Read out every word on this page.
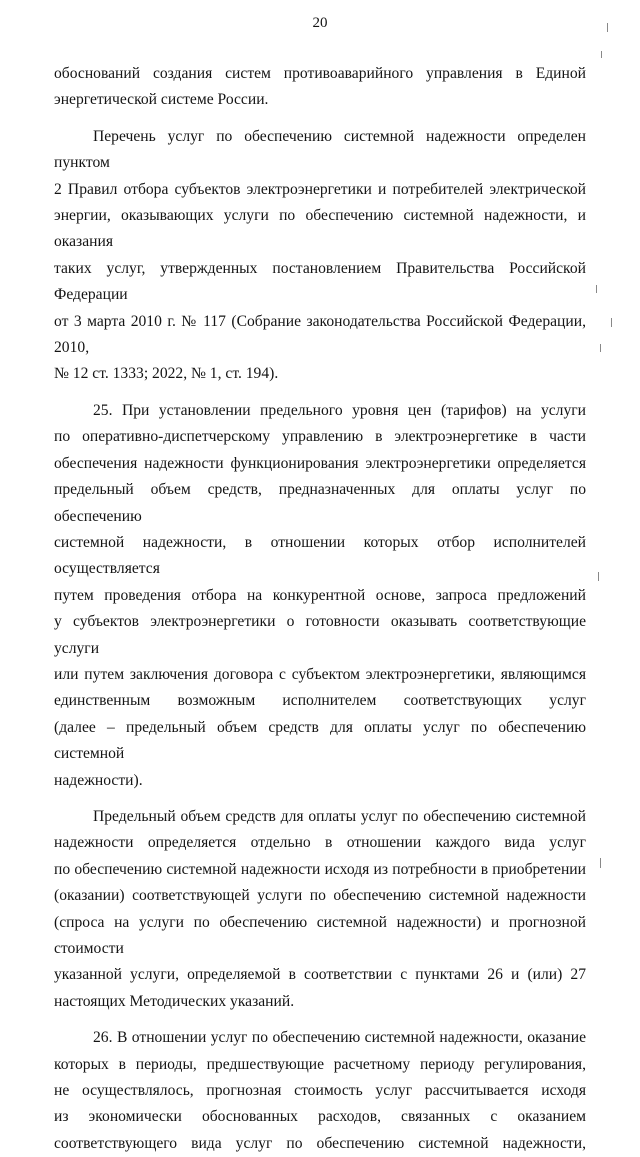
20

обоснований создания систем противоаварийного управления в Единой
энергетической системе России.

Перечень услуг по обеспечению системной надежности определен пунктом
2 Правил отбора субъектов электроэнергетики и потребителей электрической
энергии, оказывающих услуги по обеспечению системной надежности, и оказания
таких услуг, утвержденных постановлением Правительства Российской Федерации
от 3 марта 2010 г. № 117 (Собрание законодательства Российской Федерации, 2010,
№ 12 ст. 1333; 2022, № 1, ст. 194).

25. При установлении предельного уровня цен (тарифов) на услуги
по оперативно-диспетчерскому управлению в электроэнергетике в части
обеспечения надежности функционирования электроэнергетики определяется
предельный объем средств, предназначенных для оплаты услуг по обеспечению
системной надежности, в отношении которых отбор исполнителей осуществляется
путем проведения отбора на конкурентной основе, запроса предложений
у субъектов электроэнергетики о готовности оказывать соответствующие услуги
или путем заключения договора с субъектом электроэнергетики, являющимся
единственным возможным исполнителем соответствующих услуг
(далее – предельный объем средств для оплаты услуг по обеспечению системной
надежности).

Предельный объем средств для оплаты услуг по обеспечению системной
надежности определяется отдельно в отношении каждого вида услуг
по обеспечению системной надежности исходя из потребности в приобретении
(оказании) соответствующей услуги по обеспечению системной надежности
(спроса на услуги по обеспечению системной надежности) и прогнозной стоимости
указанной услуги, определяемой в соответствии с пунктами 26 и (или) 27
настоящих Методических указаний.

26. В отношении услуг по обеспечению системной надежности, оказание
которых в периоды, предшествующие расчетному периоду регулирования,
не осуществлялось, прогнозная стоимость услуг рассчитывается исходя
из экономически обоснованных расходов, связанных с оказанием
соответствующего вида услуг по обеспечению системной надежности,
